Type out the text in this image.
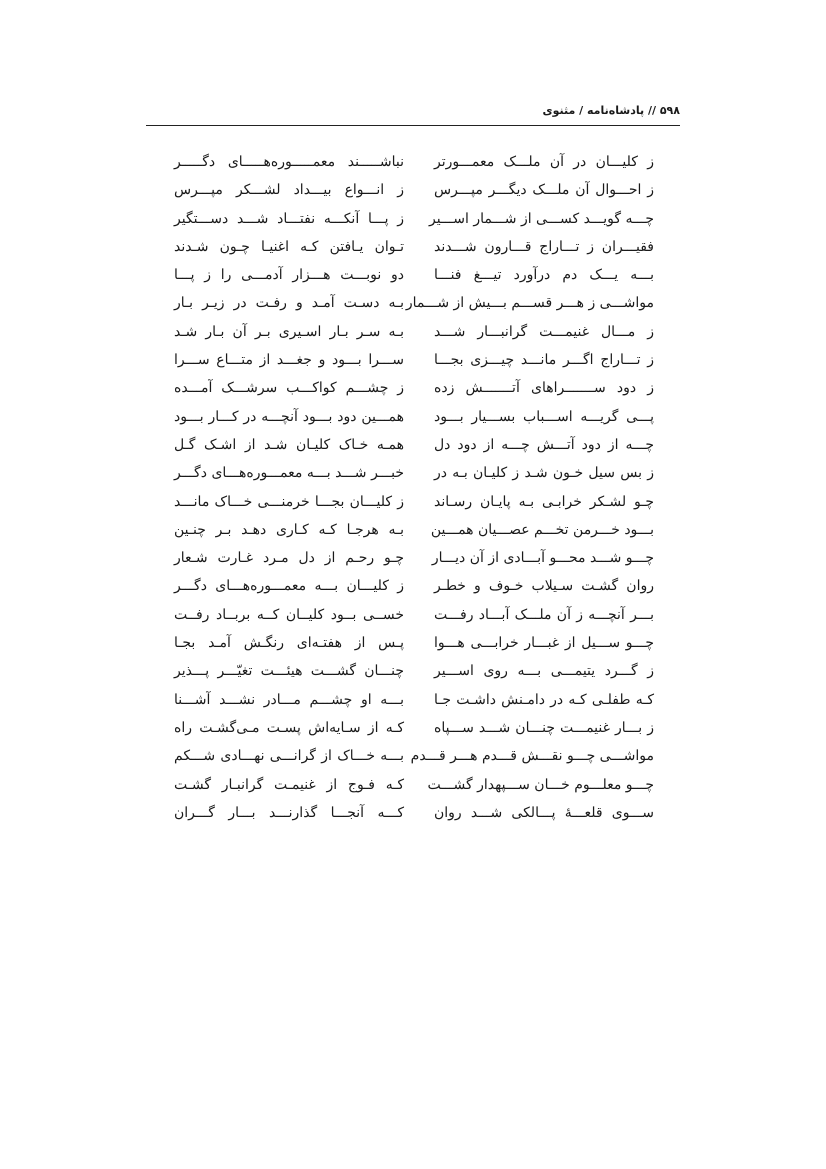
۵۹۸ // پادشاه‌نامه / مثنوی
ز کلیـــان در آن ملـــک معمـــورتر
ز احـــوال آن ملـــک دیگـــر مپـــرس
چـــه گویـــد کســـی از شـــمار اســـیر
فقیـــران ز تـــاراج قـــارون شـــدند
بـــه یـــک دم درآورد تیـــغ فنـــا
مواشـــی ز هـــر قســـم بـــیش از شـــمار
ز مـــال غنیمـــت گرانبـــار شـــد
ز تـــاراج اگـــر مانـــد چیـــزی بجـــا
ز دود ســـــــراهای آتـــــــش زده
پـــی گریـــه اســـباب بســـیار بـــود
چـــه از دود آتـــش چـــه از دود دل
ز بس سیل خـون شـد ز کلیـان بـه در
چـو لشـکر خرابـی بـه پایـان رسـاند
بـــود خـــرمن تخـــم عصـــیان همـــین
چـــو شـــد محـــو آبـــادی از آن دیـــار
روان گشـت سـیلاب خـوف و خطـر
بـــر آنچـــه ز آن ملـــک آبـــاد رفـــت
چـــو ســـیل از غبـــار خرابـــی هـــوا
ز گـــرد یتیمـــی بـــه روی اســـیر
کـه طفلـی کـه در دامـنش داشـت جـا
ز بـــار غنیمـــت چنـــان شـــد ســـپاه
مواشـــی چـــو نقـــش قـــدم هـــر قـــدم
چـــو معلـــوم خـــان ســـپهدار گشـــت
ســـوی قلعـــهٔ پـــالکی شـــد روان
نباشـــــند معمـــــوره‌هـــــای دگـــــر
ز انـــواع بیـــداد لشـــکر مپـــرس
ز پـــا آنکـــه نفتـــاد شـــد دســـتگیر
تـوان یـافتن کـه اغنیـا چـون شـدند
دو نوبـــت هـــزار آدمـــی را ز پـــا
بـه دسـت آمـد و رفـت در زیـر بـار
بـه سـر بـار اسـیری بـر آن بـار شـد
ســـرا بـــود و جغـــد از متـــاع ســـرا
ز چشـــم کواکـــب سرشـــک آمـــده
همـــین دود بـــود آنچـــه در کـــار بـــود
همـه خـاک کلیـان شـد از اشـک گـل
خبـــر شـــد بـــه معمـــوره‌هـــای دگـــر
ز کلیـــان بجـــا خرمنـــی خـــاک مانـــد
بـه هرجـا کـه کـاری دهـد بـر چنـین
چـو رحـم از دل مـرد غـارت شـعار
ز کلیـــان بـــه معمـــوره‌هـــای دگـــر
خســی بــود کلیــان کــه بربــاد رفــت
پـس از هفتـه‌ای رنگـش آمـد بجـا
چنـــان گشـــت هیئـــت تغیّـــر پـــذیر
بـــه او چشـــم مـــادر نشـــد آشـــنا
کـه از سـایه‌اش پسـت مـی‌گشـت راه
بـــه خـــاک از گرانـــی نهـــادی شـــکم
کـه فـوج از غنیمـت گرانبـار گشـت
کـــه آنجـــا گذارنـــد بـــار گـــران
